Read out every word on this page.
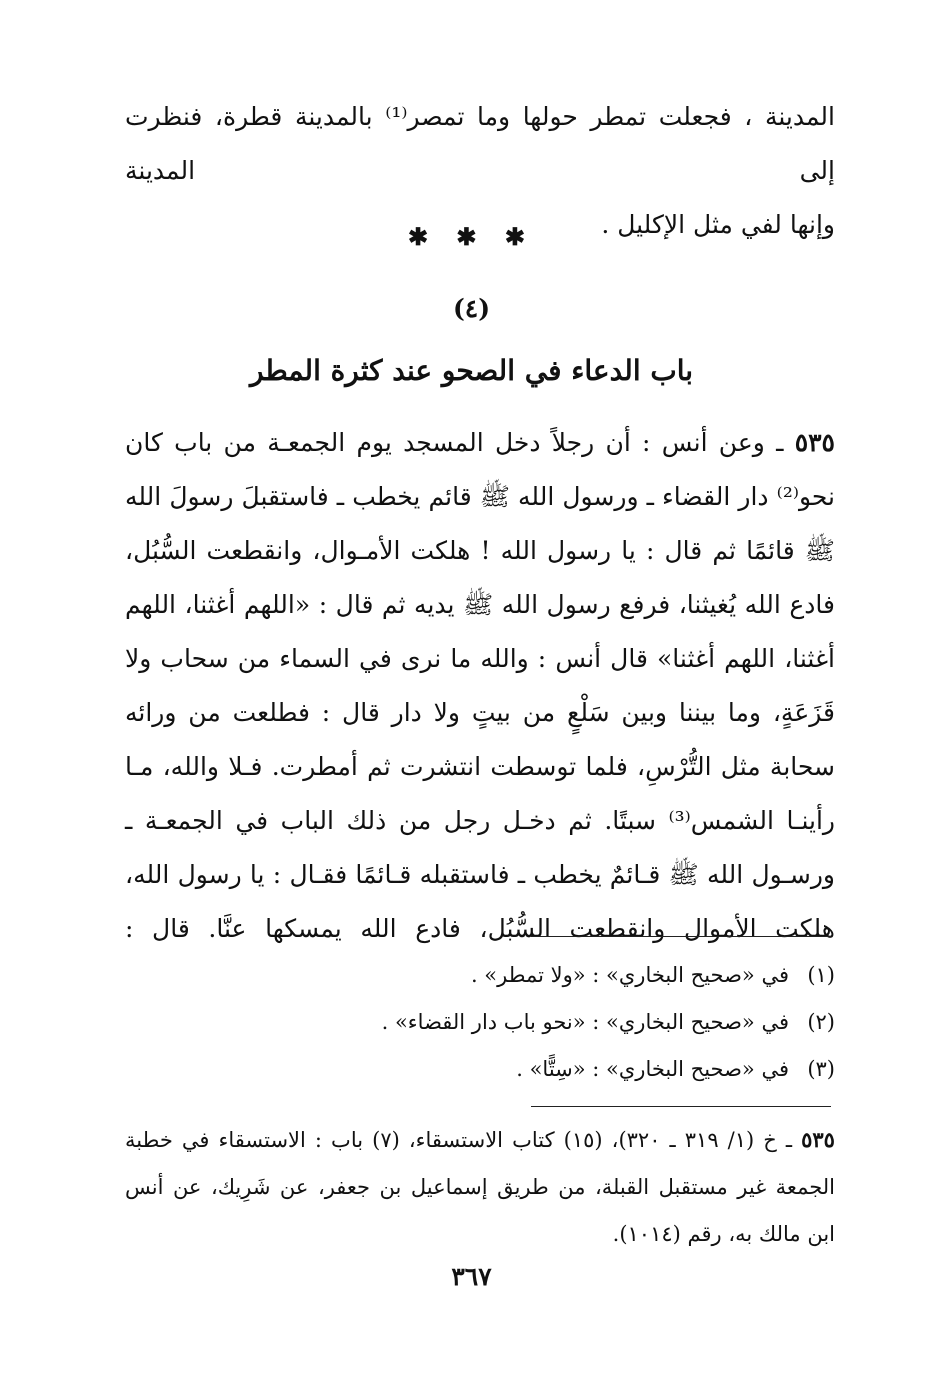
المدينة ، فجعلت تمطر حولها وما تمصر⁽¹⁾ بالمدينة قطرة، فنظرت إلى المدينة

وإنها لفي مثل الإكليل .

✱ ✱ ✱
(٤)
باب الدعاء في الصحو عند كثرة المطر

٥٣٥ ـ وعن أنس : أن رجلاً دخل المسجد يوم الجمعـة من باب كان نحو⁽²⁾ دار القضاء ـ ورسول الله ﷺ قائم يخطب ـ فاستقبلَ رسولَ الله ﷺ قائمًا ثم قال : يا رسول الله ! هلكت الأمـوال، وانقطعت السُّبُل، فادع الله يُغيثنا، فرفع رسول الله ﷺ يديه ثم قال : «اللهم أغثنا، اللهم أغثنا، اللهم أغثنا» قال أنس : والله ما نرى في السماء من سحاب ولا قَزَعَةٍ، وما بيننا وبين سَلْعٍ من بيتٍ ولا دار قال : فطلعت من ورائه سحابة مثل التُّرْسِ، فلما توسطت انتشرت ثم أمطرت. فـلا والله، مـا رأينـا الشمس⁽³⁾ سبتًا. ثم دخـل رجل من ذلك الباب في الجمعـة ـ ورسـول الله ﷺ قـائمٌ يخطب ـ فاستقبله قـائمًا فقـال : يا رسول الله، هلكت الأموال وانقطعت السُّبُل، فادع الله يمسكها عنَّا. قال :

(١)في «صحيح البخاري» : «ولا تمطر» .
(٢)في «صحيح البخاري» : «نحو باب دار القضاء» .
(٣)في «صحيح البخاري» : «سِتًّا» .

٥٣٥ ـ خ (١/ ٣١٩ ـ ٣٢٠)، (١٥) كتاب الاستسقاء، (٧) باب : الاستسقاء في خطبة الجمعة غير مستقبل القبلة، من طريق إسماعيل بن جعفر، عن شَرِيك، عن أنس ابن مالك به، رقم (١٠١٤).

٣٦٧
